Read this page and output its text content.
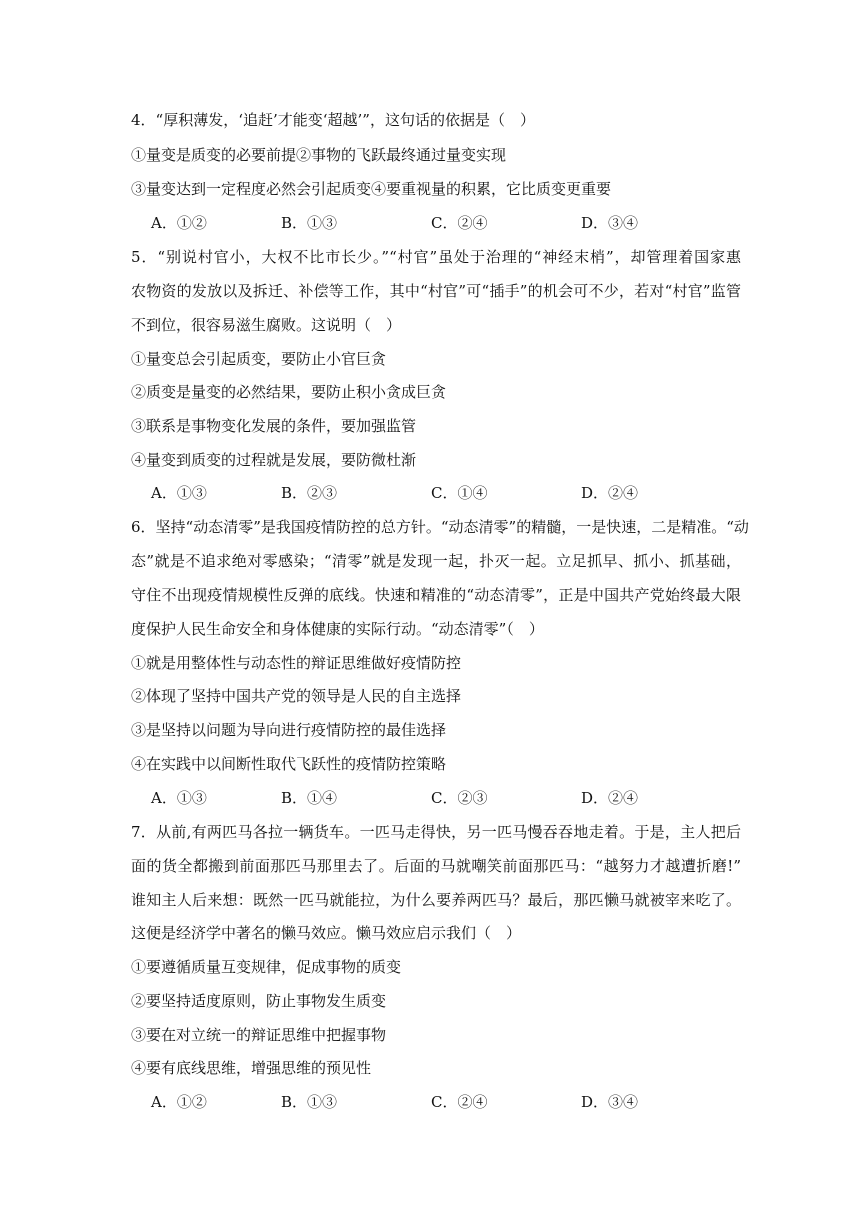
4．“厚积薄发，‘追赶’才能变‘超越’”，这句话的依据是（　）
①量变是质变的必要前提②事物的飞跃最终通过量变实现
③量变达到一定程度必然会引起质变④要重视量的积累，它比质变更重要
A．①②	B．①③	C．②④	D．③④
5．“别说村官小，大权不比市长少。”“村官”虽处于治理的“神经末梢”，却管理着国家惠
农物资的发放以及拆迁、补偿等工作，其中“村官”可“插手”的机会可不少，若对“村官”监管
不到位，很容易滋生腐败。这说明（　）
①量变总会引起质变，要防止小官巨贪
②质变是量变的必然结果，要防止积小贪成巨贪
③联系是事物变化发展的条件，要加强监管
④量变到质变的过程就是发展，要防微杜渐
A．①③	B．②③	C．①④	D．②④
6．坚持“动态清零”是我国疫情防控的总方针。“动态清零”的精髓，一是快速，二是精准。“动
态”就是不追求绝对零感染；“清零”就是发现一起，扑灭一起。立足抓早、抓小、抓基础，
守住不出现疫情规模性反弹的底线。快速和精准的“动态清零”，正是中国共产党始终最大限
度保护人民生命安全和身体健康的实际行动。“动态清零”（　）
①就是用整体性与动态性的辩证思维做好疫情防控
②体现了坚持中国共产党的领导是人民的自主选择
③是坚持以问题为导向进行疫情防控的最佳选择
④在实践中以间断性取代飞跃性的疫情防控策略
A．①③	B．①④	C．②③	D．②④
7．从前,有两匹马各拉一辆货车。一匹马走得快，另一匹马慢吞吞地走着。于是，主人把后
面的货全都搬到前面那匹马那里去了。后面的马就嘲笑前面那匹马：“越努力才越遭折磨!”
谁知主人后来想：既然一匹马就能拉，为什么要养两匹马？最后，那匹懒马就被宰来吃了。
这便是经济学中著名的懒马效应。懒马效应启示我们（　）
①要遵循质量互变规律，促成事物的质变
②要坚持适度原则，防止事物发生质变
③要在对立统一的辩证思维中把握事物
④要有底线思维，增强思维的预见性
A．①②	B．①③	C．②④	D．③④
